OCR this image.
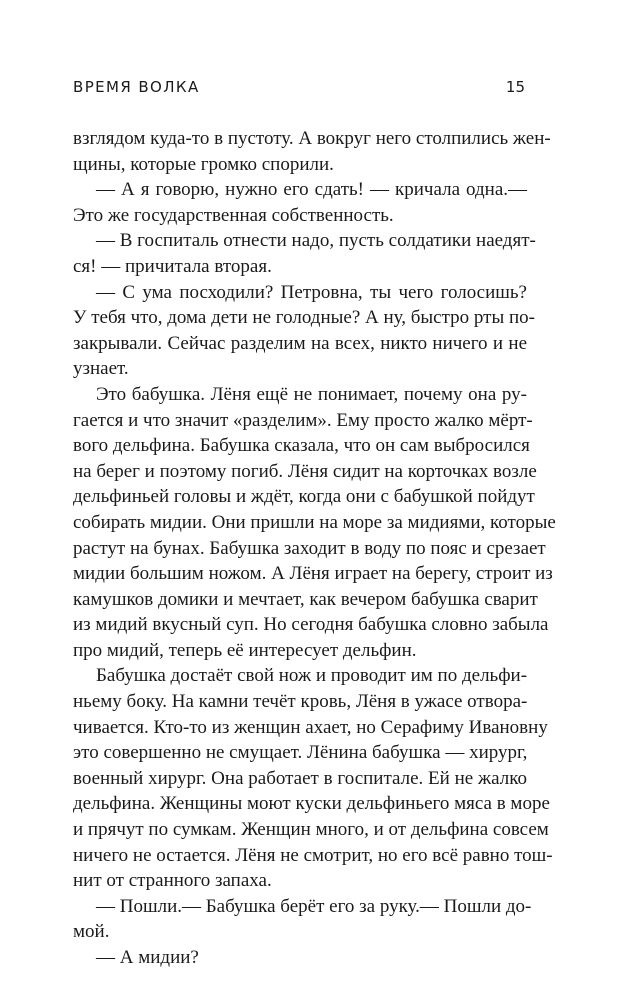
ВРЕМЯ ВОЛКА	15
взглядом куда-то в пустоту. А вокруг него столпились жен-
щины, которые громко спорили.
— А я говорю, нужно его сдать! — кричала одна.—
Это же государственная собственность.
— В госпиталь отнести надо, пусть солдатики наедят-
ся! — причитала вторая.
— С ума посходили? Петровна, ты чего голосишь?
У тебя что, дома дети не голодные? А ну, быстро рты по-
закрывали. Сейчас разделим на всех, никто ничего и не
узнает.
Это бабушка. Лёня ещё не понимает, почему она ру-
гается и что значит «разделим». Ему просто жалко мёрт-
вого дельфина. Бабушка сказала, что он сам выбросился
на берег и поэтому погиб. Лёня сидит на корточках возле
дельфиньей головы и ждёт, когда они с бабушкой пойдут
собирать мидии. Они пришли на море за мидиями, которые
растут на бунах. Бабушка заходит в воду по пояс и срезает
мидии большим ножом. А Лёня играет на берегу, строит из
камушков домики и мечтает, как вечером бабушка сварит
из мидий вкусный суп. Но сегодня бабушка словно забыла
про мидий, теперь её интересует дельфин.
Бабушка достаёт свой нож и проводит им по дельфи-
ньему боку. На камни течёт кровь, Лёня в ужасе отвора-
чивается. Кто-то из женщин ахает, но Серафиму Ивановну
это совершенно не смущает. Лёнина бабушка — хирург,
военный хирург. Она работает в госпитале. Ей не жалко
дельфина. Женщины моют куски дельфиньего мяса в море
и прячут по сумкам. Женщин много, и от дельфина совсем
ничего не остается. Лёня не смотрит, но его всё равно тош-
нит от странного запаха.
— Пошли.— Бабушка берёт его за руку.— Пошли до-
мой.
— А мидии?
